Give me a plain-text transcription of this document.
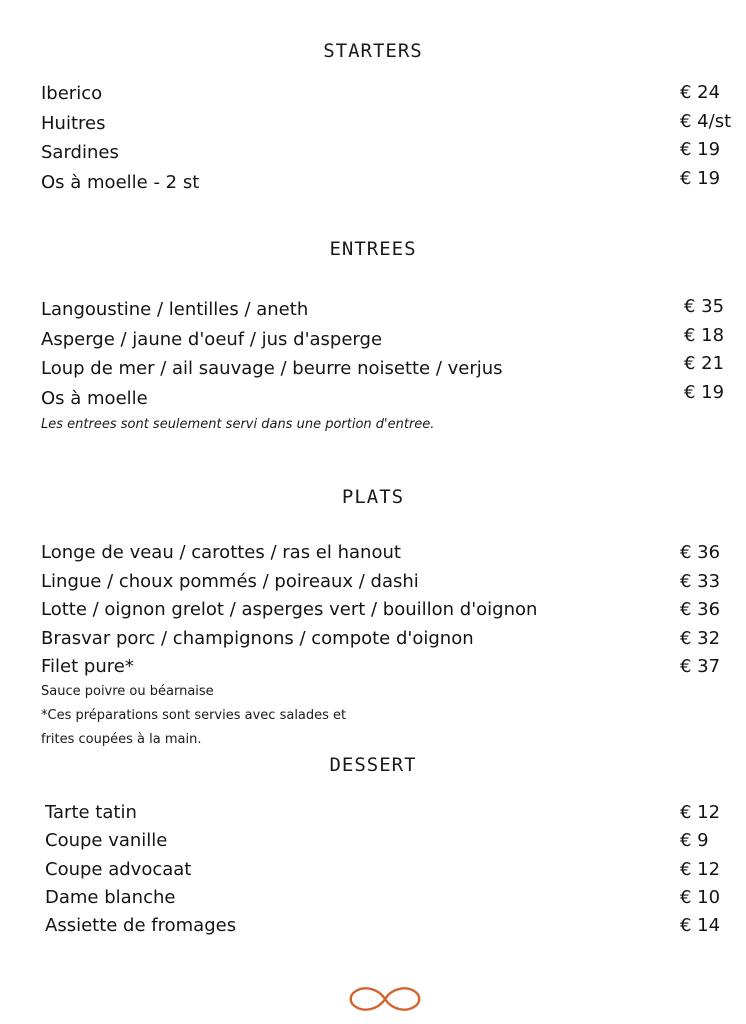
STARTERS
Iberico	€ 24
Huitres	€ 4/st
Sardines	€ 19
Os à moelle - 2 st	€ 19
ENTREES
Langoustine / lentilles / aneth	€ 35
Asperge / jaune d'oeuf / jus d'asperge	€ 18
Loup de mer / ail sauvage / beurre noisette / verjus	€ 21
Os à moelle	€ 19
Les entrees sont seulement servi dans une portion d'entree.
PLATS
Longe de veau / carottes / ras el hanout	€ 36
Lingue / choux pommés / poireaux / dashi	€ 33
Lotte / oignon grelot / asperges vert / bouillon d'oignon	€ 36
Brasvar porc / champignons / compote d'oignon	€ 32
Filet pure*	€ 37
Sauce poivre ou béarnaise
*Ces préparations sont servies avec salades et
frites coupées à la main.
DESSERT
Tarte tatin	€ 12
Coupe vanille	€ 9
Coupe advocaat	€ 12
Dame blanche	€ 10
Assiette de fromages	€ 14
